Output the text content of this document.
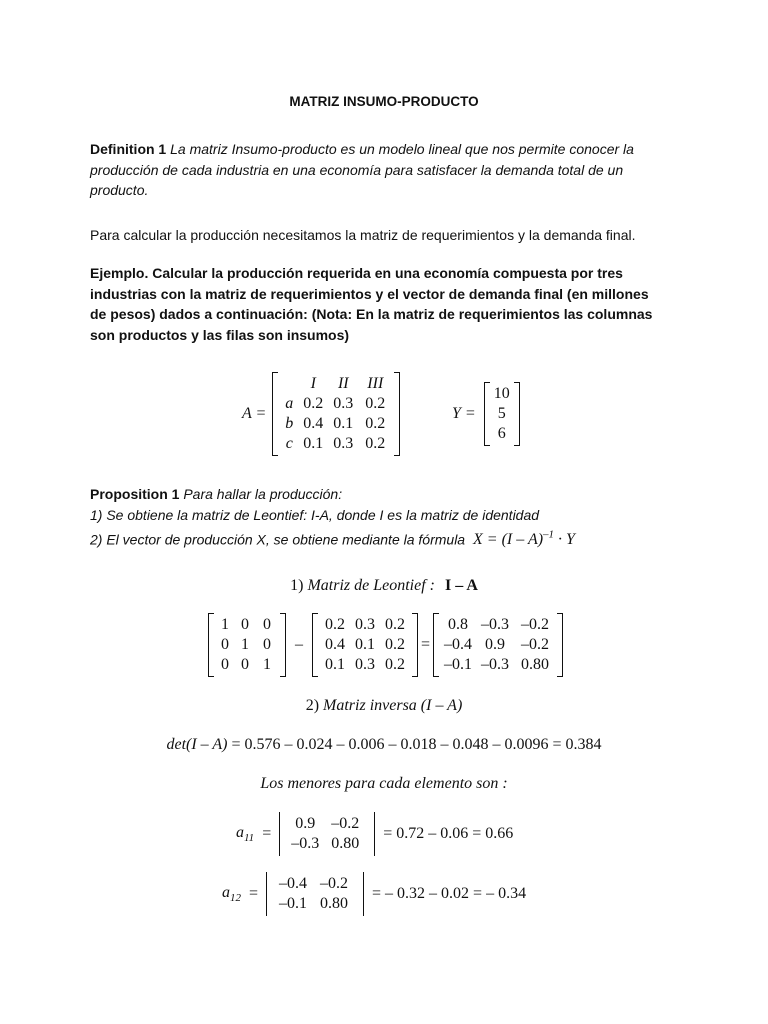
MATRIZ INSUMO-PRODUCTO
Definition 1 La matriz Insumo-producto es un modelo lineal que nos permite conocer la
producción de cada industria en una economía para satisfacer la demanda total de un
producto.
Para calcular la producción necesitamos la matriz de requerimientos y la demanda final.
Ejemplo. Calcular la producción requerida en una economía compuesta por tres
industrias con la matriz de requerimientos y el vector de demanda final (en millones
de pesos) dados a continuación: (Nota: En la matriz de requerimientos las columnas
son productos y las filas son insumos)
A =
	I	II	III
a	0.2	0.3	0.2
b	0.4	0.1	0.2
c	0.1	0.3	0.2
Y =
10
5
6
Proposition 1 Para hallar la producción:
1) Se obtiene la matriz de Leontief: I-A, donde I es la matriz de identidad
2) El vector de producción X, se obtiene mediante la fórmula X = (I – A)$^{-1}$ · Y
1) Matriz de Leontief : I – A
1	0	0
0	1	0
0	0	1
–
0.2	0.3	0.2
0.4	0.1	0.2
0.1	0.3	0.2
=
0.8	–0.3	–0.2
–0.4	0.9	–0.2
–0.1	–0.3	0.80
2) Matriz inversa (I – A)
det(I – A) = 0.576 – 0.024 – 0.006 – 0.018 – 0.048 – 0.0096 = 0.384
Los menores para cada elemento son :
$a_{11}$ =
0.9	–0.2
–0.3	0.80
= 0.72 – 0.06 = 0.66
$a_{12}$ =
–0.4	–0.2
–0.1	0.80
= – 0.32 – 0.02 = – 0.34
